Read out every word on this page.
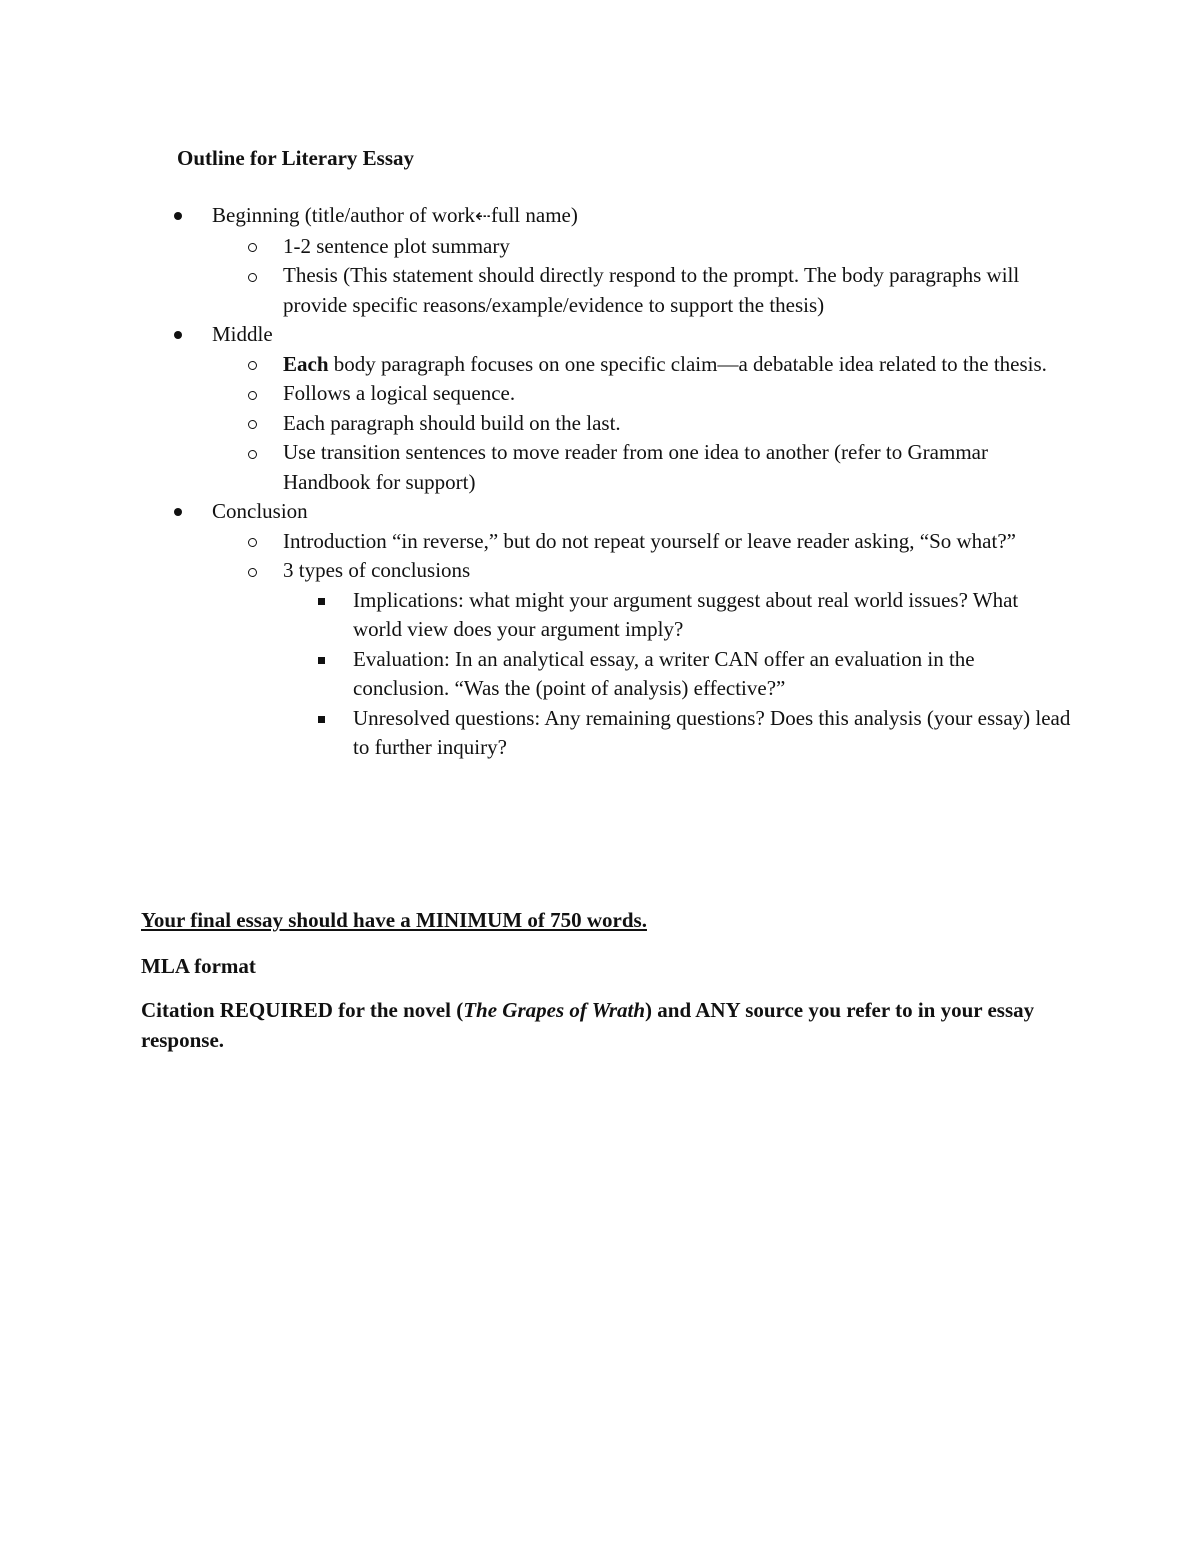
Outline for Literary Essay

Beginning (title/author of work⇠full name)
1-2 sentence plot summary
Thesis (This statement should directly respond to the prompt. The body paragraphs will provide specific reasons/example/evidence to support the thesis)
Middle
Each body paragraph focuses on one specific claim—a debatable idea related to the thesis.
Follows a logical sequence.
Each paragraph should build on the last.
Use transition sentences to move reader from one idea to another (refer to Grammar Handbook for support)
Conclusion
Introduction “in reverse,” but do not repeat yourself or leave reader asking, “So what?”
3 types of conclusions
Implications: what might your argument suggest about real world issues? What world view does your argument imply?
Evaluation: In an analytical essay, a writer CAN offer an evaluation in the conclusion. “Was the (point of analysis) effective?”
Unresolved questions: Any remaining questions? Does this analysis (your essay) lead to further inquiry?
Your final essay should have a MINIMUM of 750 words.
MLA format
Citation REQUIRED for the novel (The Grapes of Wrath) and ANY source you refer to in your essay response.
